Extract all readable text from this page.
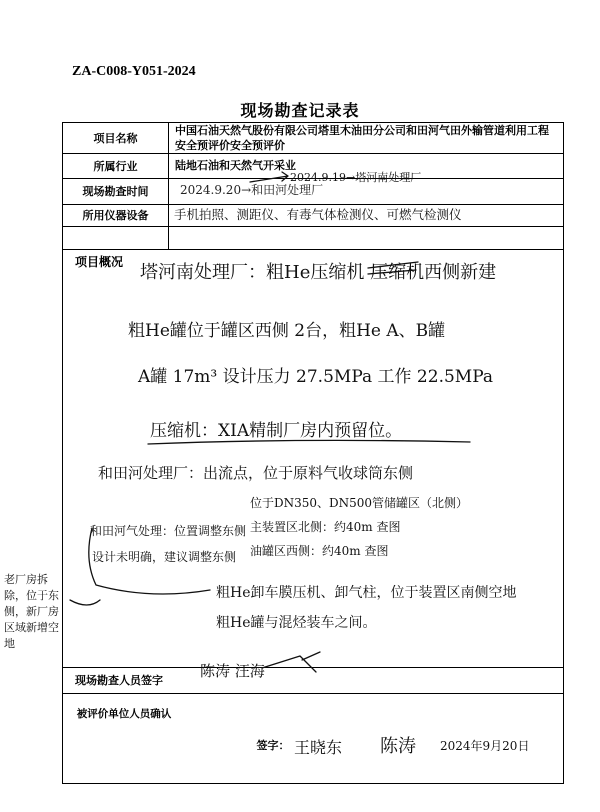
ZA-C008-Y051-2024
现场勘查记录表
项目名称
中国石油天然气股份有限公司塔里木油田分公司和田河气田外输管道利用工程安全预评价安全预评价
所属行业	陆地石油和天然气开采业
现场勘查时间
所用仪器设备
项目概况
现场勘查人员签字
被评价单位人员确认
签字：
2024.9.19→塔河南处理厂
2024.9.20→和田河处理厂
手机拍照、测距仪、有毒气体检测仪、可燃气检测仪
塔河南处理厂：粗He压缩机 压缩机西侧新建
粗He罐位于罐区西侧 2台，粗He A、B罐
A罐 17m³ 设计压力 27.5MPa 工作 22.5MPa
压缩机：XIA精制厂房内预留位。
和田河处理厂：出流点，位于原料气收球筒东侧
位于DN350、DN500管储罐区（北侧）
主装置区北侧：约40m 查图
油罐区西侧：约40m 查图
和田河气处理：位置调整东侧
设计未明确，建议调整东侧
粗He卸车膜压机、卸气柱，位于装置区南侧空地
粗He罐与混烃装车之间。
老厂房拆除，位于东侧，新厂房区域新增空地
陈涛 汪海
王晓东 陈涛 2024年9月20日
